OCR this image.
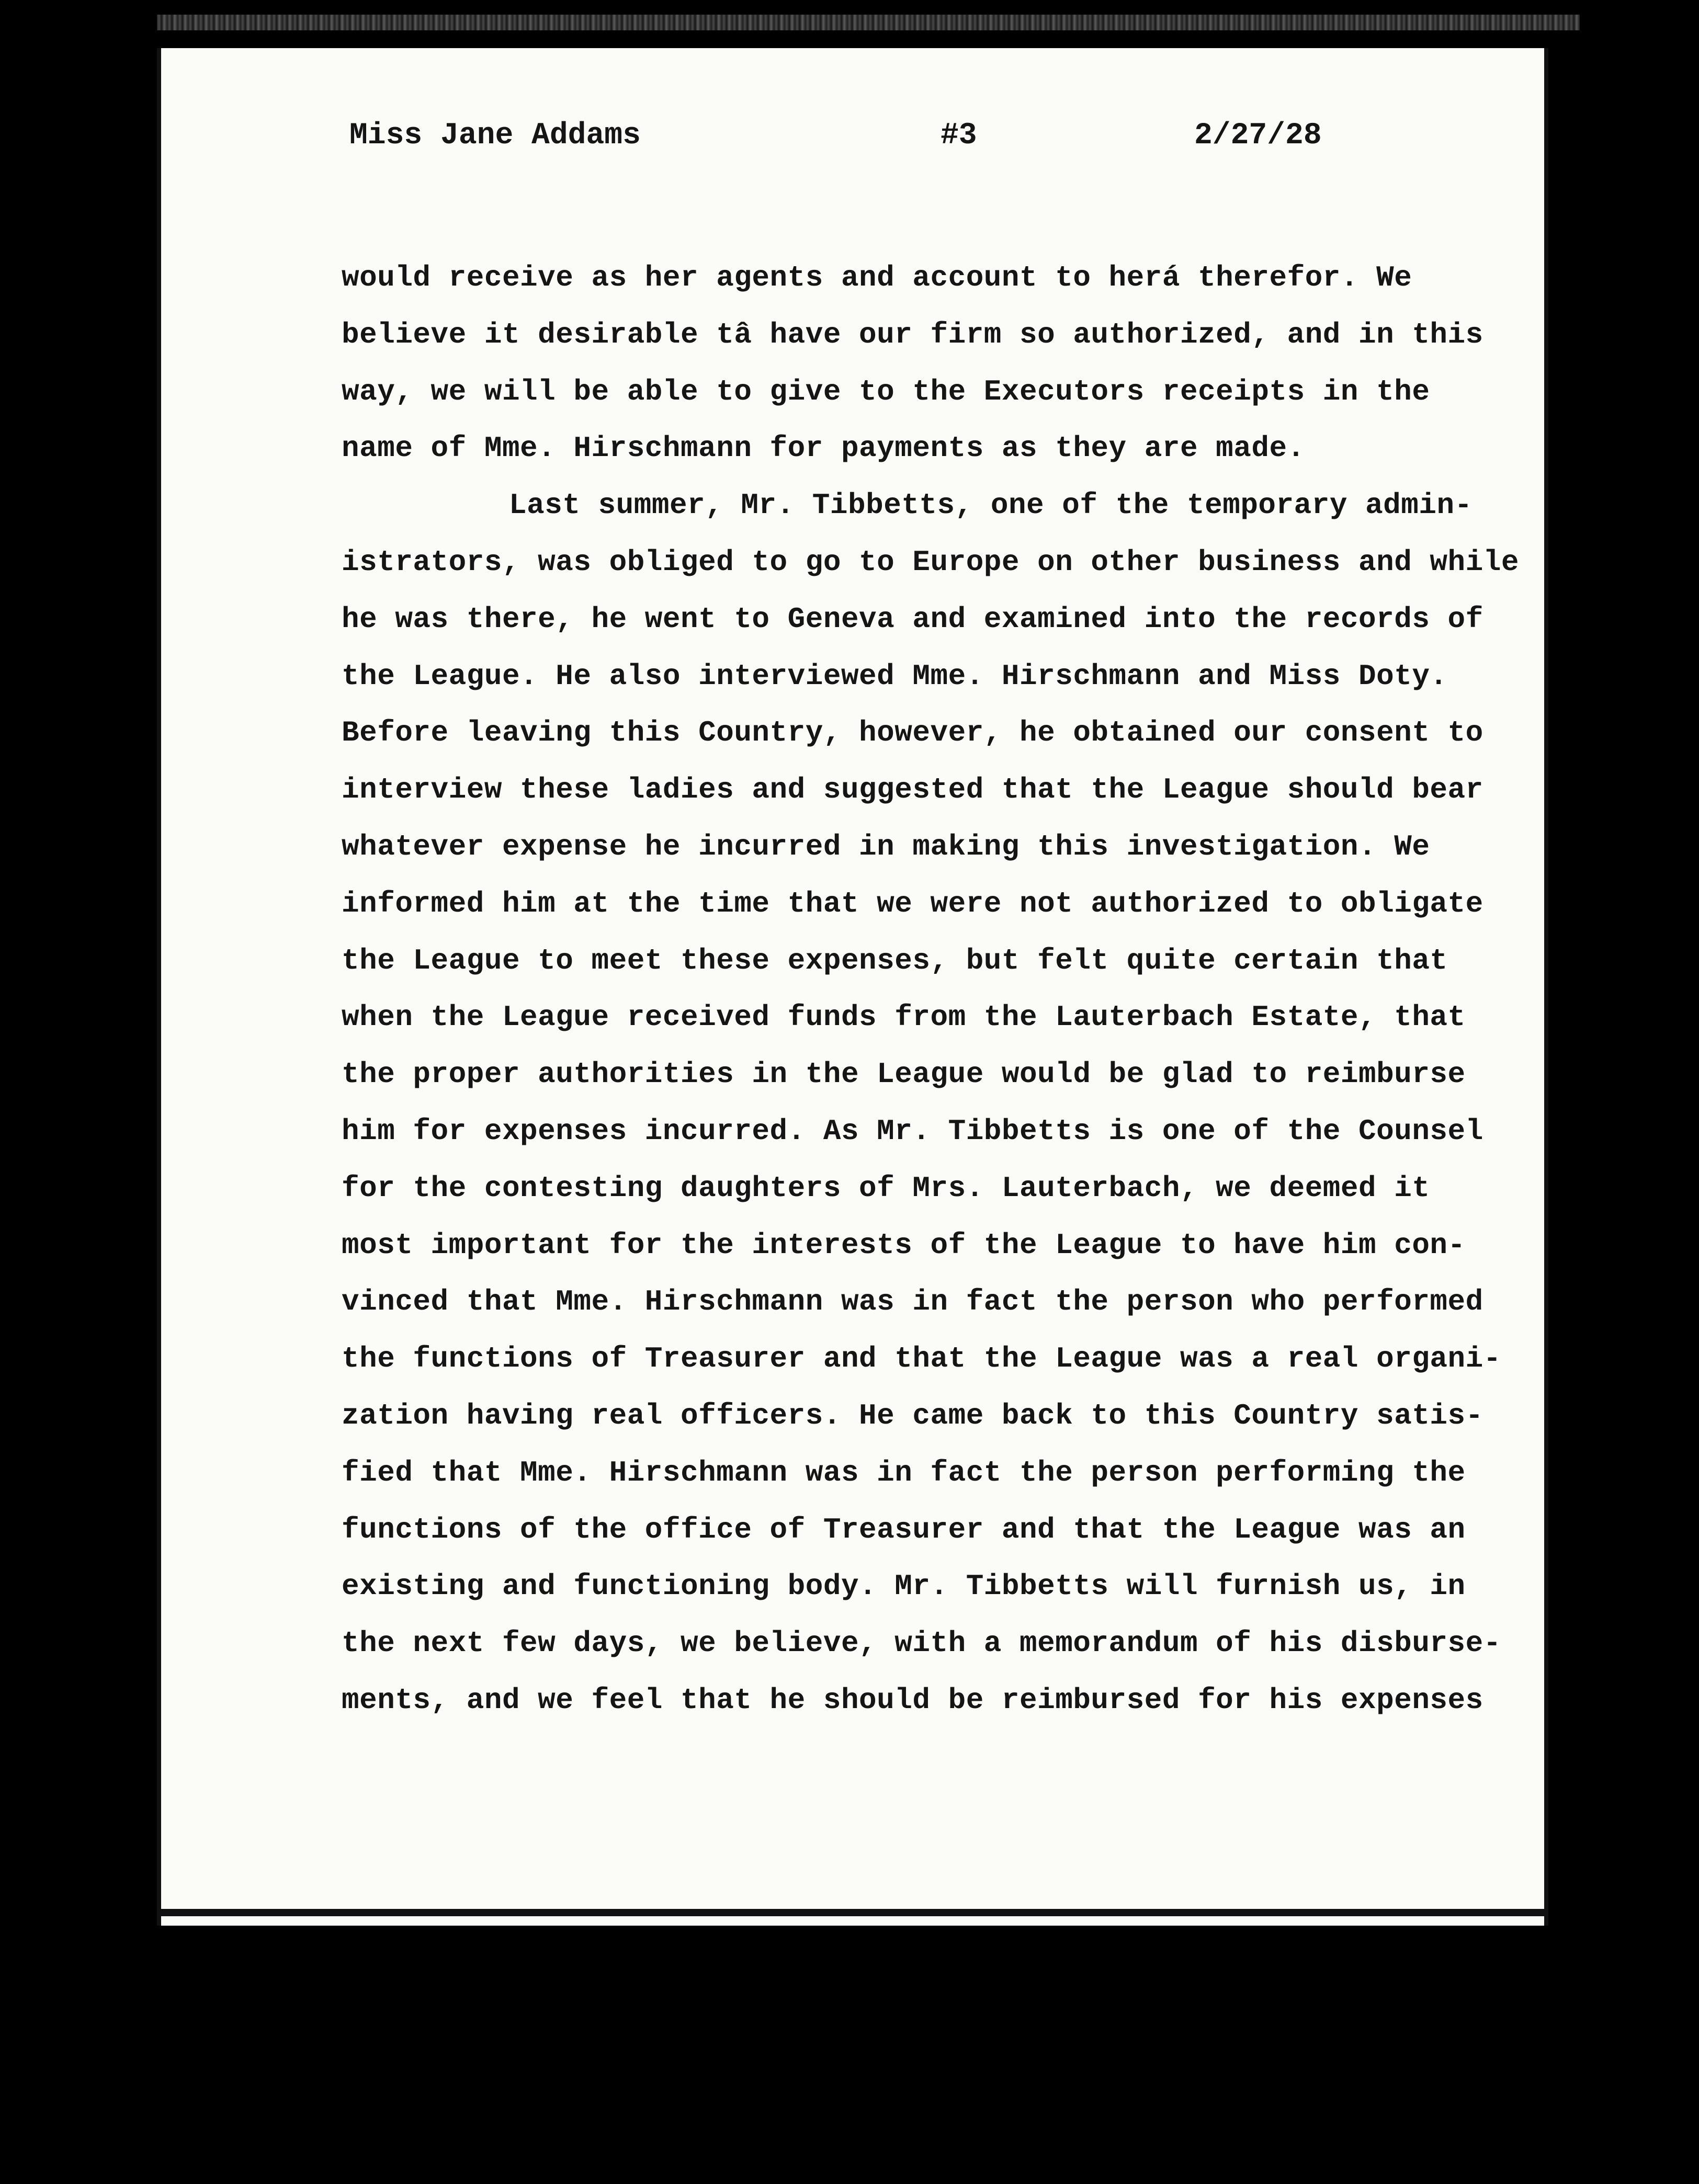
Miss Jane Addams	#3	2/27/28
would receive as her agents and account to herá therefor. We
believe it desirable tâ have our firm so authorized, and in this
way, we will be able to give to the Executors receipts in the
name of Mme. Hirschmann for payments as they are made.
Last summer, Mr. Tibbetts, one of the temporary admin-
istrators, was obliged to go to Europe on other business and while
he was there, he went to Geneva and examined into the records of
the League. He also interviewed Mme. Hirschmann and Miss Doty.
Before leaving this Country, however, he obtained our consent to
interview these ladies and suggested that the League should bear
whatever expense he incurred in making this investigation. We
informed him at the time that we were not authorized to obligate
the League to meet these expenses, but felt quite certain that
when the League received funds from the Lauterbach Estate, that
the proper authorities in the League would be glad to reimburse
him for expenses incurred. As Mr. Tibbetts is one of the Counsel
for the contesting daughters of Mrs. Lauterbach, we deemed it
most important for the interests of the League to have him con-
vinced that Mme. Hirschmann was in fact the person who performed
the functions of Treasurer and that the League was a real organi-
zation having real officers. He came back to this Country satis-
fied that Mme. Hirschmann was in fact the person performing the
functions of the office of Treasurer and that the League was an
existing and functioning body. Mr. Tibbetts will furnish us, in
the next few days, we believe, with a memorandum of his disburse-
ments, and we feel that he should be reimbursed for his expenses
